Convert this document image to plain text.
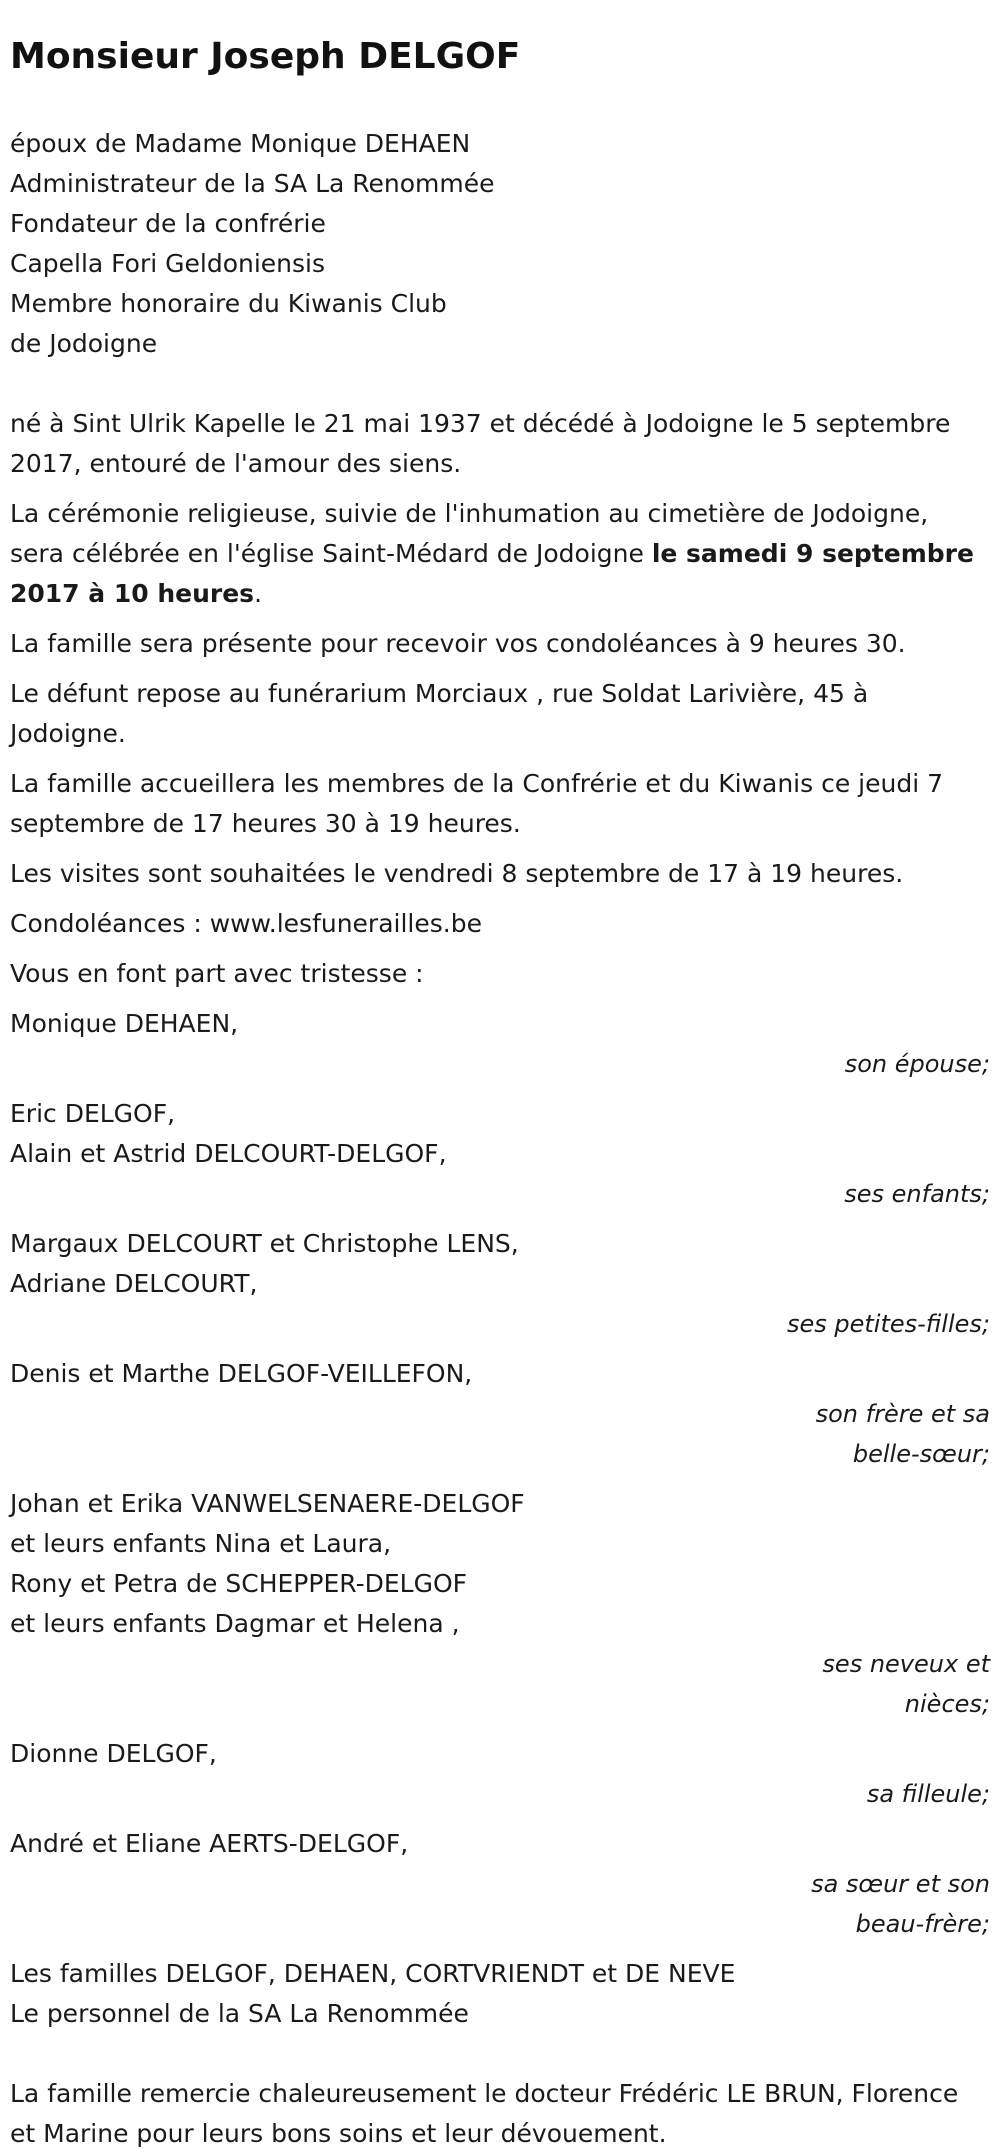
Monsieur Joseph DELGOF

époux de Madame Monique DEHAEN

Administrateur de la SA La Renommée

Fondateur de la confrérie

Capella Fori Geldoniensis

Membre honoraire du Kiwanis Club

de Jodoigne

né à Sint Ulrik Kapelle le 21 mai 1937 et décédé à Jodoigne le 5 septembre 2017, entouré de l'amour des siens.

La cérémonie religieuse, suivie de l'inhumation au cimetière de Jodoigne, sera célébrée en l'église Saint-Médard de Jodoigne le samedi 9 septembre 2017 à 10 heures.

La famille sera présente pour recevoir vos condoléances à 9 heures 30.

Le défunt repose au funérarium Morciaux , rue Soldat Larivière, 45 à Jodoigne.

La famille accueillera les membres de la Confrérie et du Kiwanis ce jeudi 7 septembre de 17 heures 30 à 19 heures.

Les visites sont souhaitées le vendredi 8 septembre de 17 à 19 heures.

Condoléances : www.lesfunerailles.be

Vous en font part avec tristesse :

Monique DEHAEN,
son épouse;
Eric DELGOF,
Alain et Astrid DELCOURT-DELGOF,
ses enfants;
Margaux DELCOURT et Christophe LENS,
Adriane DELCOURT,
ses petites-filles;
Denis et Marthe DELGOF-VEILLEFON,
son frère et sa belle-sœur;
Johan et Erika VANWELSENAERE-DELGOF
et leurs enfants Nina et Laura,
Rony et Petra de SCHEPPER-DELGOF
et leurs enfants Dagmar et Helena ,
ses neveux et nièces;
Dionne DELGOF,
sa filleule;
André et Eliane AERTS-DELGOF,
sa sœur et son beau-frère;

Les familles DELGOF, DEHAEN, CORTVRIENDT et DE NEVE

Le personnel de la SA La Renommée

La famille remercie chaleureusement le docteur Frédéric LE BRUN, Florence et Marine pour leurs bons soins et leur dévouement.
